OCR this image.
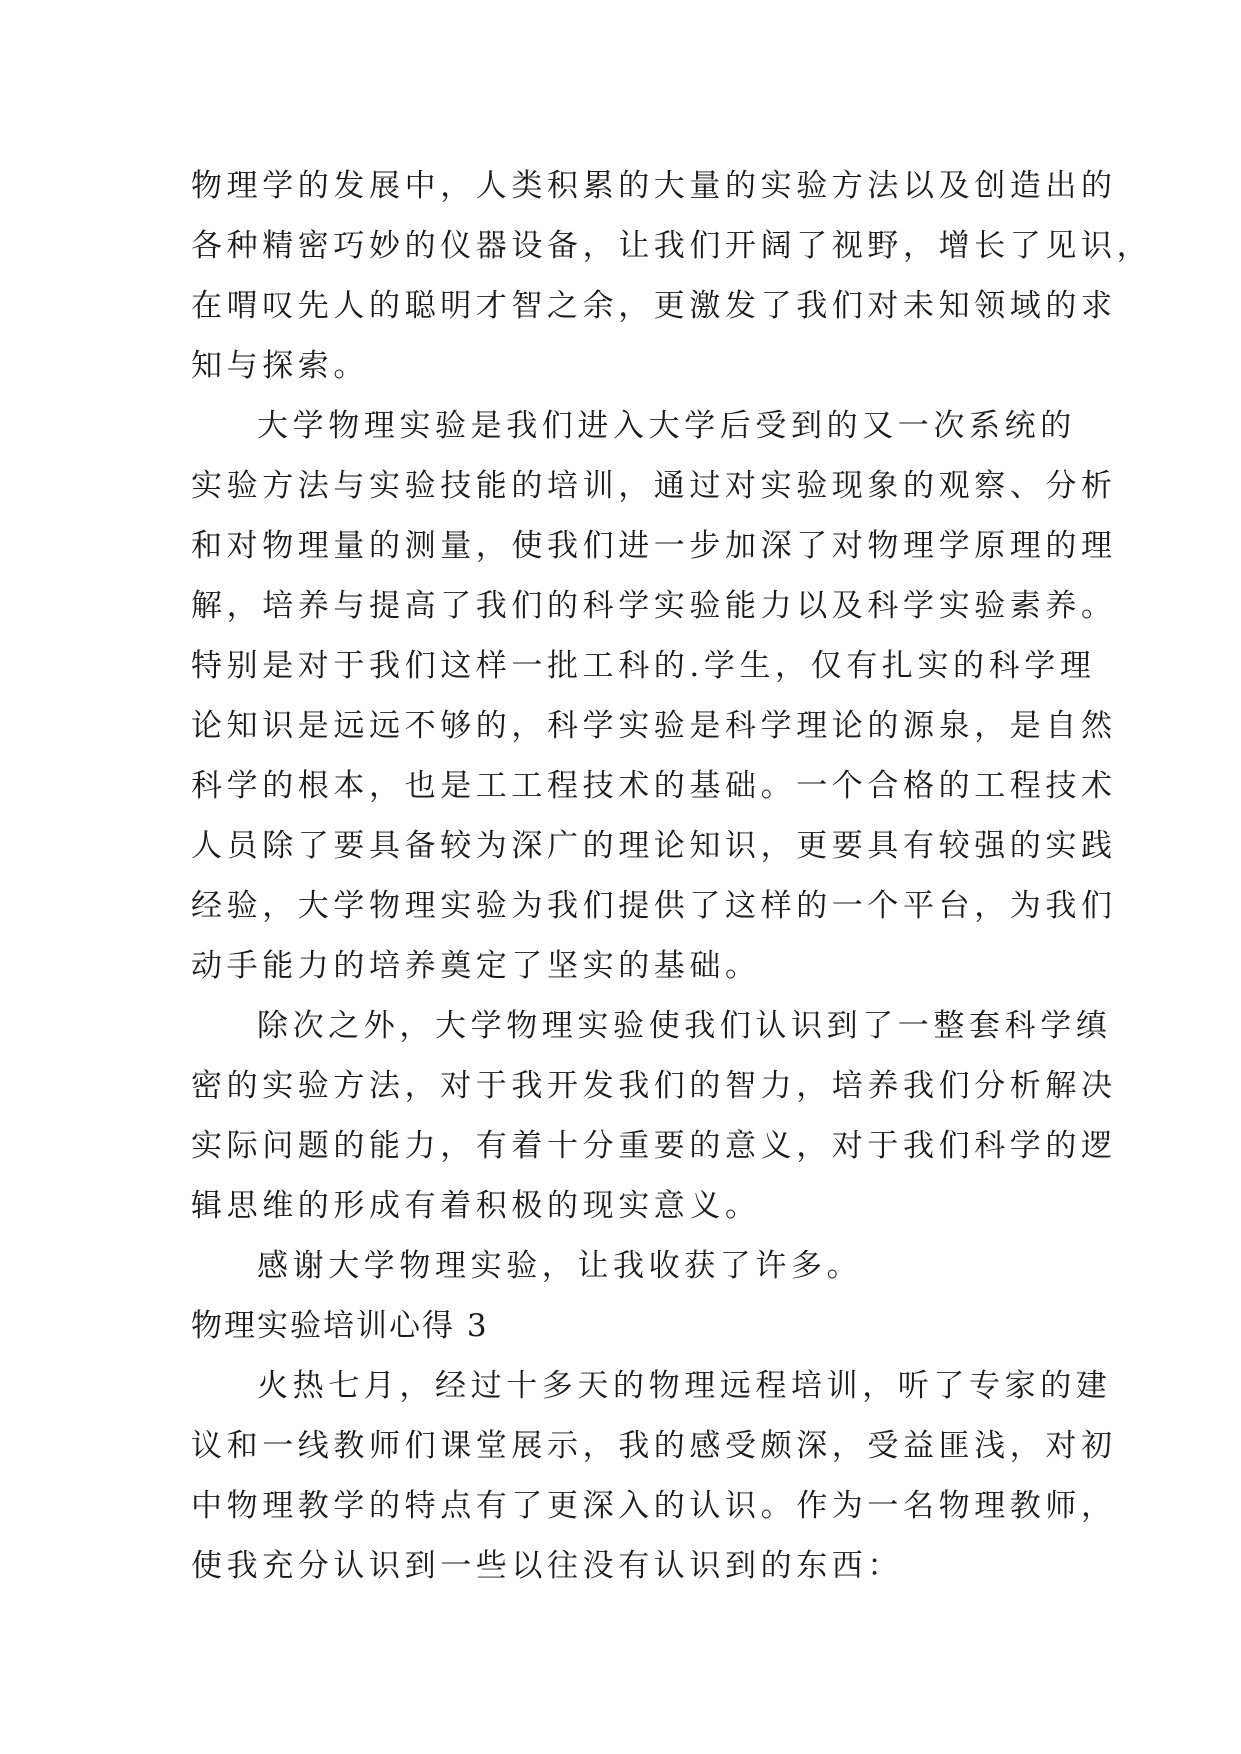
物理学的发展中，人类积累的大量的实验方法以及创造出的
各种精密巧妙的仪器设备，让我们开阔了视野，增长了见识，
在喟叹先人的聪明才智之余，更激发了我们对未知领域的求
知与探索。
大学物理实验是我们进入大学后受到的又一次系统的
实验方法与实验技能的培训，通过对实验现象的观察、分析
和对物理量的测量，使我们进一步加深了对物理学原理的理
解，培养与提高了我们的科学实验能力以及科学实验素养。
特别是对于我们这样一批工科的.学生，仅有扎实的科学理
论知识是远远不够的，科学实验是科学理论的源泉，是自然
科学的根本，也是工工程技术的基础。一个合格的工程技术
人员除了要具备较为深广的理论知识，更要具有较强的实践
经验，大学物理实验为我们提供了这样的一个平台，为我们
动手能力的培养奠定了坚实的基础。
除次之外，大学物理实验使我们认识到了一整套科学缜
密的实验方法，对于我开发我们的智力，培养我们分析解决
实际问题的能力，有着十分重要的意义，对于我们科学的逻
辑思维的形成有着积极的现实意义。
感谢大学物理实验，让我收获了许多。
物理实验培训心得 3
火热七月，经过十多天的物理远程培训，听了专家的建
议和一线教师们课堂展示，我的感受颇深，受益匪浅，对初
中物理教学的特点有了更深入的认识。作为一名物理教师，
使我充分认识到一些以往没有认识到的东西：
